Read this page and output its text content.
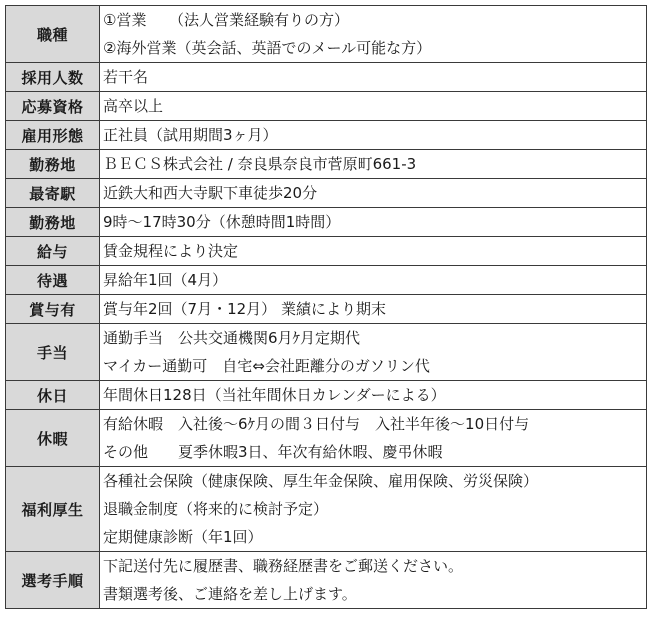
職種	①営業　　（法人営業経験有りの方）
②海外営業（英会話、英語でのメール可能な方）

採用人数	若干名

応募資格	高卒以上

雇用形態	正社員（試用期間3ヶ月）

勤務地	ＢＥＣＳ株式会社 / 奈良県奈良市菅原町661-3

最寄駅	近鉄大和西大寺駅下車徒歩20分

勤務地	9時～17時30分（休憩時間1時間）

給与	賃金規程により決定

待遇	昇給年1回（4月）

賞与有	賞与年2回（7月・12月） 業績により期末

手当	通勤手当　公共交通機関6月ｹ月定期代
マイカー通勤可　自宅⇔会社距離分のガソリン代

休日	年間休日128日（当社年間休日カレンダーによる）

休暇	有給休暇　入社後～6ｹ月の間３日付与　入社半年後～10日付与
その他　　夏季休暇3日、年次有給休暇、慶弔休暇

福利厚生	各種社会保険（健康保険、厚生年金保険、雇用保険、労災保険）
退職金制度（将来的に検討予定）
定期健康診断（年1回）

選考手順	下記送付先に履歴書、職務経歴書をご郵送ください。
書類選考後、ご連絡を差し上げます。
